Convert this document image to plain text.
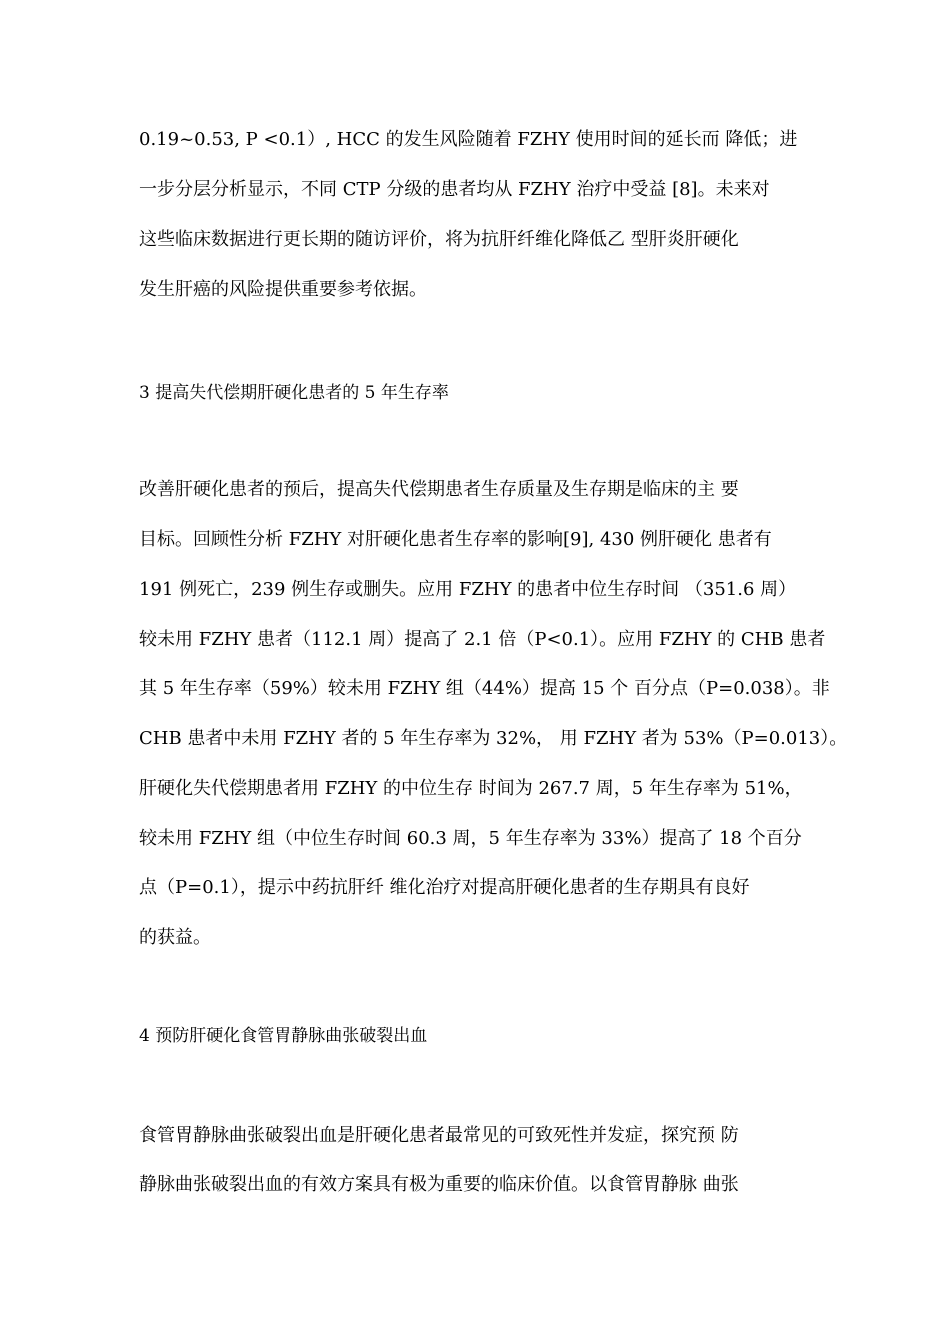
0.19~0.53, P <0.1）, HCC 的发生风险随着 FZHY 使用时间的延长而 降低；进
一步分层分析显示，不同 CTP 分级的患者均从 FZHY 治疗中受益 [8]。未来对
这些临床数据进行更长期的随访评价，将为抗肝纤维化降低乙 型肝炎肝硬化
发生肝癌的风险提供重要参考依据。
3 提高失代偿期肝硬化患者的 5 年生存率
改善肝硬化患者的预后，提高失代偿期患者生存质量及生存期是临床的主 要
目标。回顾性分析 FZHY 对肝硬化患者生存率的影响[9], 430 例肝硬化 患者有
191 例死亡，239 例生存或删失。应用 FZHY 的患者中位生存时间 （351.6 周）
较未用 FZHY 患者（112.1 周）提高了 2.1 倍（P<0.1）。应用 FZHY 的 CHB 患者
其 5 年生存率（59%）较未用 FZHY 组（44%）提高 15 个 百分点（P=0.038）。非
CHB 患者中未用 FZHY 者的 5 年生存率为 32%， 用 FZHY 者为 53%（P=0.013）。
肝硬化失代偿期患者用 FZHY 的中位生存 时间为 267.7 周，5 年生存率为 51%，
较未用 FZHY 组（中位生存时间 60.3 周，5 年生存率为 33%）提高了 18 个百分
点（P=0.1），提示中药抗肝纤 维化治疗对提高肝硬化患者的生存期具有良好
的获益。
4 预防肝硬化食管胃静脉曲张破裂出血
食管胃静脉曲张破裂出血是肝硬化患者最常见的可致死性并发症，探究预 防
静脉曲张破裂出血的有效方案具有极为重要的临床价值。以食管胃静脉 曲张
